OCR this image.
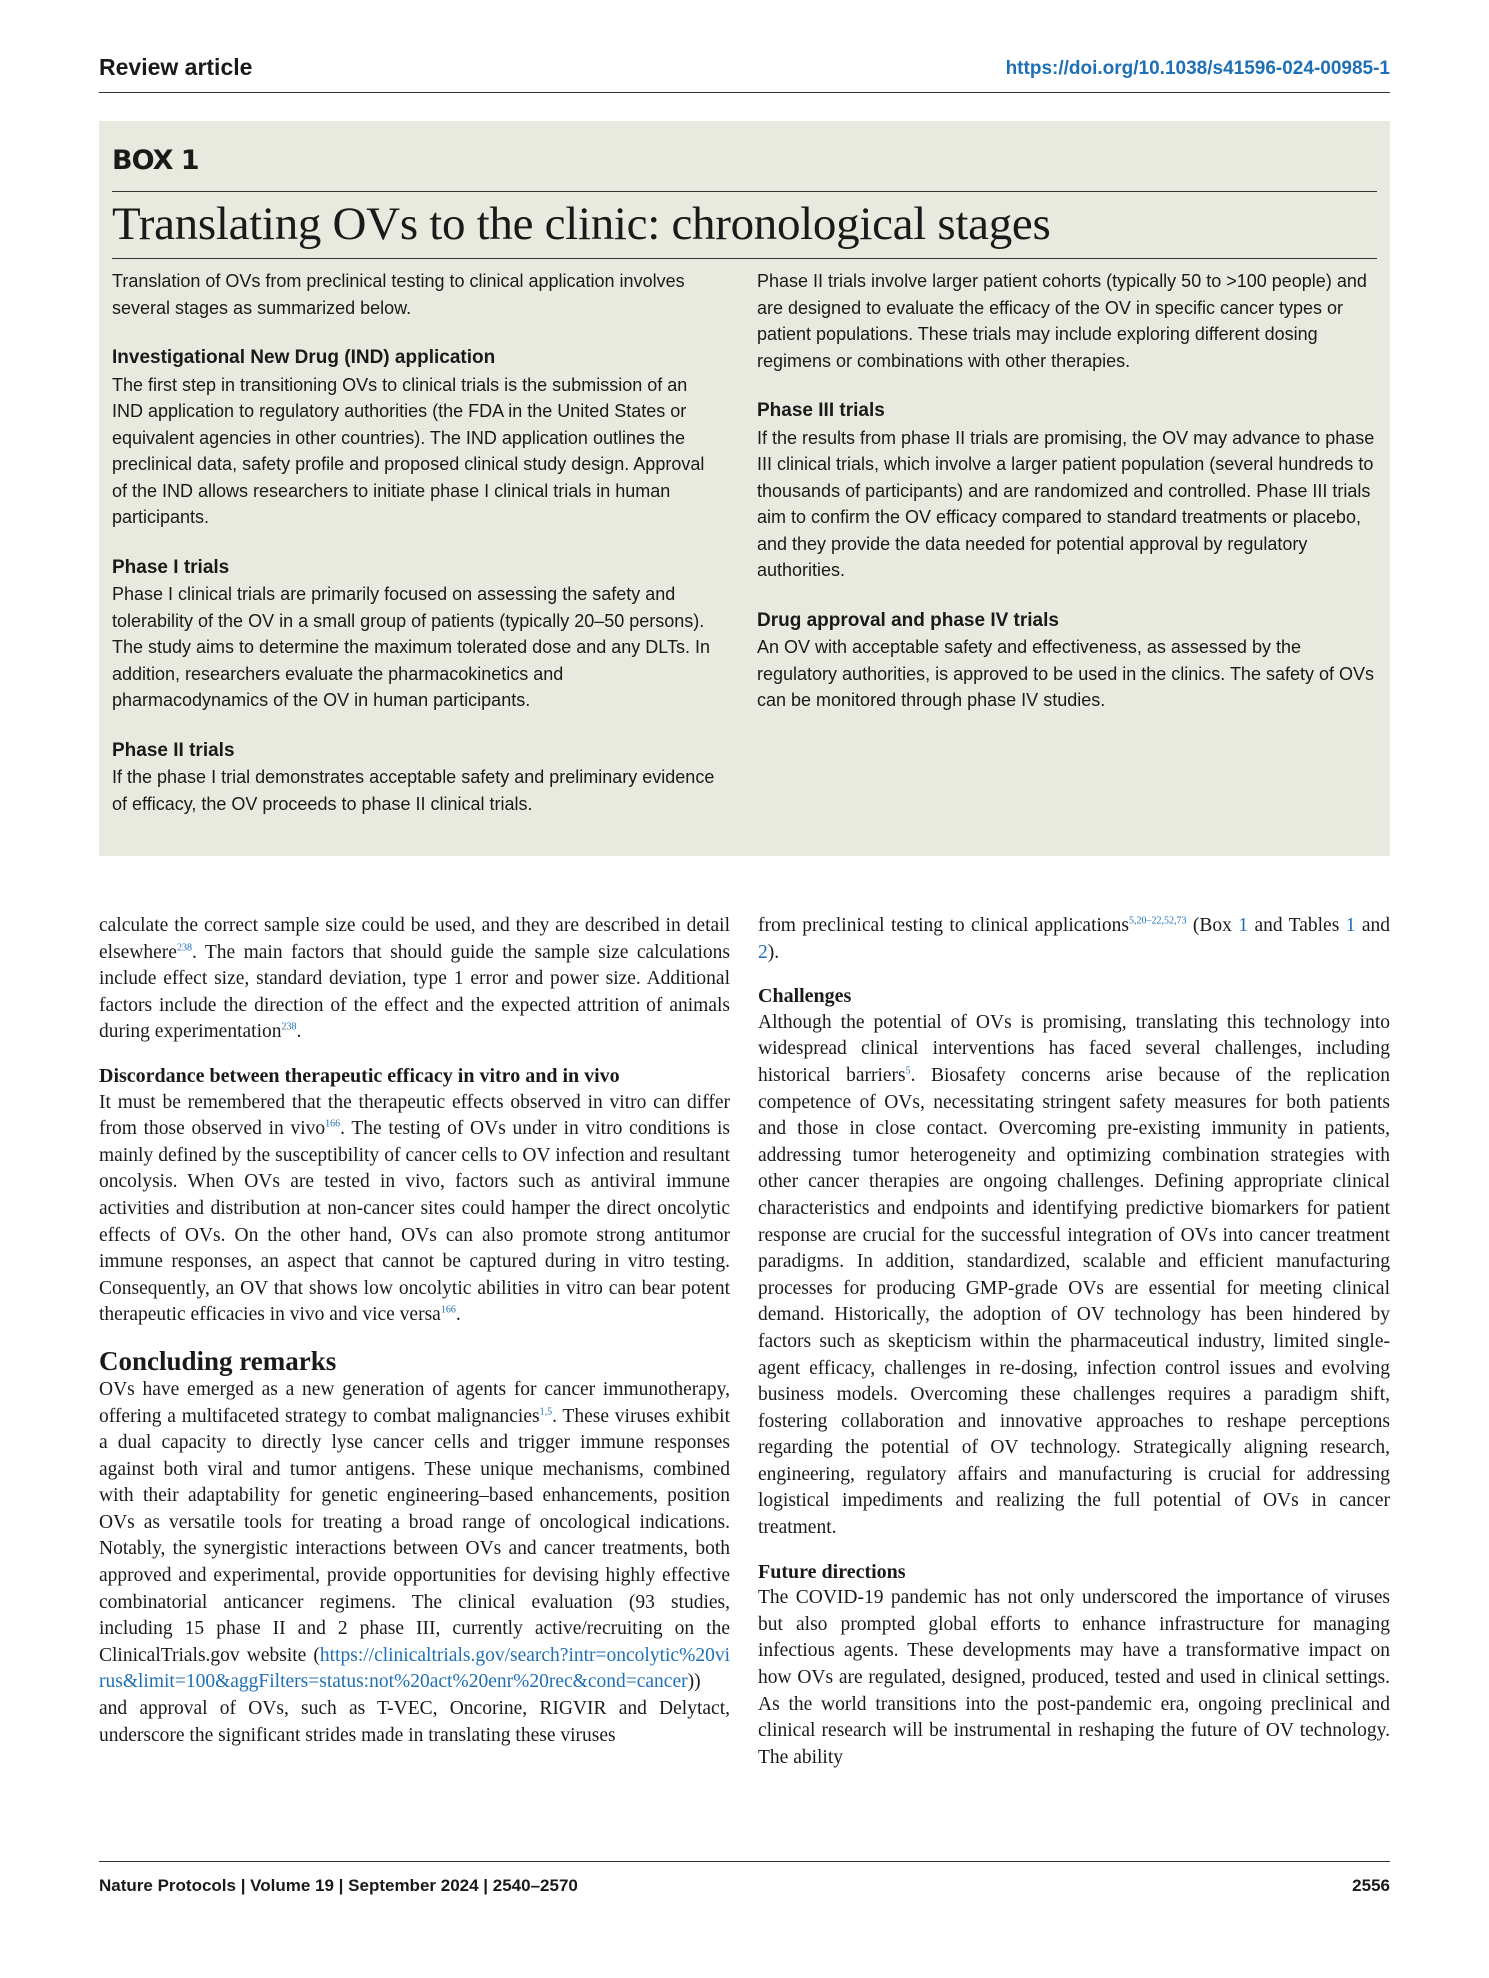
Review article	https://doi.org/10.1038/s41596-024-00985-1
BOX 1
Translating OVs to the clinic: chronological stages

Translation of OVs from preclinical testing to clinical application involves several stages as summarized below.

Investigational New Drug (IND) application

The first step in transitioning OVs to clinical trials is the submission of an IND application to regulatory authorities (the FDA in the United States or equivalent agencies in other countries). The IND application outlines the preclinical data, safety profile and proposed clinical study design. Approval of the IND allows researchers to initiate phase I clinical trials in human participants.

Phase I trials

Phase I clinical trials are primarily focused on assessing the safety and tolerability of the OV in a small group of patients (typically 20–50 persons). The study aims to determine the maximum tolerated dose and any DLTs. In addition, researchers evaluate the pharmacokinetics and pharmacodynamics of the OV in human participants.

Phase II trials

If the phase I trial demonstrates acceptable safety and preliminary evidence of efficacy, the OV proceeds to phase II clinical trials.

Phase II trials involve larger patient cohorts (typically 50 to >100 people) and are designed to evaluate the efficacy of the OV in specific cancer types or patient populations. These trials may include exploring different dosing regimens or combinations with other therapies.

Phase III trials

If the results from phase II trials are promising, the OV may advance to phase III clinical trials, which involve a larger patient population (several hundreds to thousands of participants) and are randomized and controlled. Phase III trials aim to confirm the OV efficacy compared to standard treatments or placebo, and they provide the data needed for potential approval by regulatory authorities.

Drug approval and phase IV trials

An OV with acceptable safety and effectiveness, as assessed by the regulatory authorities, is approved to be used in the clinics. The safety of OVs can be monitored through phase IV studies.

calculate the correct sample size could be used, and they are described in detail elsewhere$^{238}$. The main factors that should guide the sample size calculations include effect size, standard deviation, type 1 error and power size. Additional factors include the direction of the effect and the expected attrition of animals during experimentation$^{238}$.

Discordance between therapeutic efficacy in vitro and in vivo

It must be remembered that the therapeutic effects observed in vitro can differ from those observed in vivo$^{166}$. The testing of OVs under in vitro conditions is mainly defined by the susceptibility of cancer cells to OV infection and resultant oncolysis. When OVs are tested in vivo, factors such as antiviral immune activities and distribution at non-cancer sites could hamper the direct oncolytic effects of OVs. On the other hand, OVs can also promote strong antitumor immune responses, an aspect that cannot be captured during in vitro testing. Consequently, an OV that shows low oncolytic abilities in vitro can bear potent therapeutic efficacies in vivo and vice versa$^{166}$.

Concluding remarks

OVs have emerged as a new generation of agents for cancer immunotherapy, offering a multifaceted strategy to combat malignancies$^{1,5}$. These viruses exhibit a dual capacity to directly lyse cancer cells and trigger immune responses against both viral and tumor antigens. These unique mechanisms, combined with their adaptability for genetic engineering–based enhancements, position OVs as versatile tools for treating a broad range of oncological indications. Notably, the synergistic interactions between OVs and cancer treatments, both approved and experimental, provide opportunities for devising highly effective combinatorial anticancer regimens. The clinical evaluation (93 studies, including 15 phase II and 2 phase III, currently active/recruiting on the ClinicalTrials.gov website (https://clinicaltrials.gov/search?intr=oncolytic%20virus&limit=100&aggFilters=status:not%20act%20enr%20rec&cond=cancer)) and approval of OVs, such as T-VEC, Oncorine, RIGVIR and Delytact, underscore the significant strides made in translating these viruses

from preclinical testing to clinical applications$^{5,20-22,52,73}$ (Box 1 and Tables 1 and 2).

Challenges

Although the potential of OVs is promising, translating this technology into widespread clinical interventions has faced several challenges, including historical barriers$^5$. Biosafety concerns arise because of the replication competence of OVs, necessitating stringent safety measures for both patients and those in close contact. Overcoming pre-existing immunity in patients, addressing tumor heterogeneity and optimizing combination strategies with other cancer therapies are ongoing challenges. Defining appropriate clinical characteristics and endpoints and identifying predictive biomarkers for patient response are crucial for the successful integration of OVs into cancer treatment paradigms. In addition, standardized, scalable and efficient manufacturing processes for producing GMP-grade OVs are essential for meeting clinical demand. Historically, the adoption of OV technology has been hindered by factors such as skepticism within the pharmaceutical industry, limited single-agent efficacy, challenges in re-dosing, infection control issues and evolving business models. Overcoming these challenges requires a paradigm shift, fostering collaboration and innovative approaches to reshape perceptions regarding the potential of OV technology. Strategically aligning research, engineering, regulatory affairs and manufacturing is crucial for addressing logistical impediments and realizing the full potential of OVs in cancer treatment.

Future directions

The COVID-19 pandemic has not only underscored the importance of viruses but also prompted global efforts to enhance infrastructure for managing infectious agents. These developments may have a transformative impact on how OVs are regulated, designed, produced, tested and used in clinical settings. As the world transitions into the post-pandemic era, ongoing preclinical and clinical research will be instrumental in reshaping the future of OV technology. The ability

Nature Protocols | Volume 19 | September 2024 | 2540–2570	2556
